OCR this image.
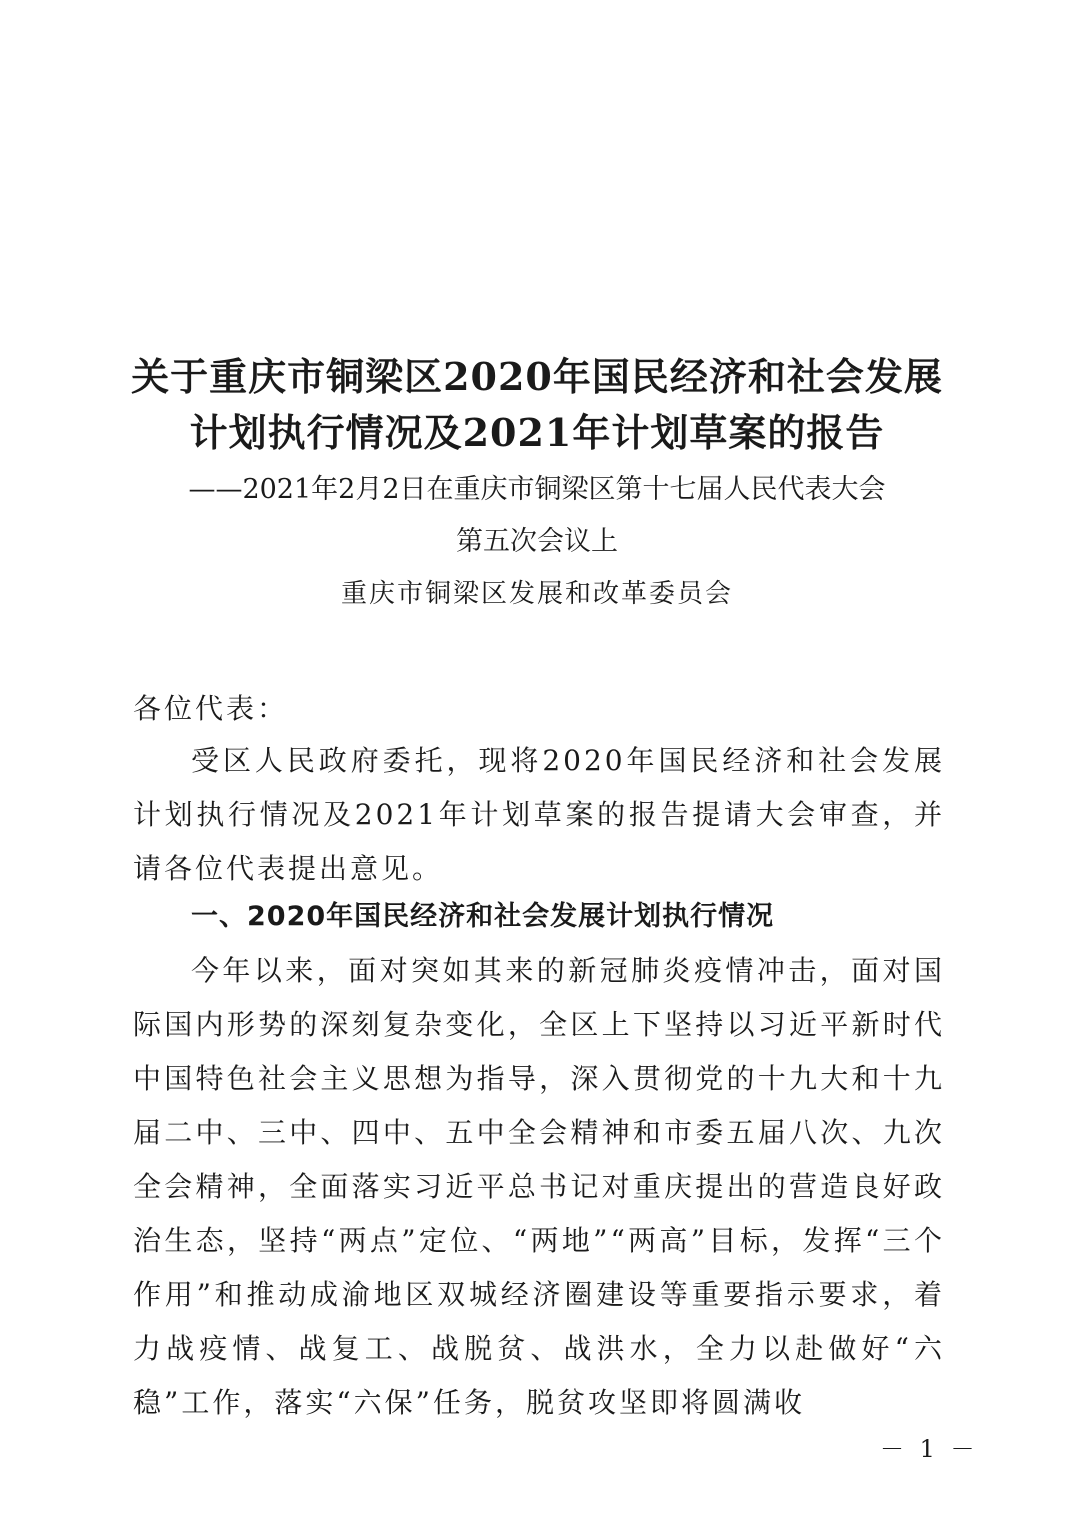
关于重庆市铜梁区2020年国民经济和社会发展
计划执行情况及2021年计划草案的报告
——2021年2月2日在重庆市铜梁区第十七届人民代表大会
第五次会议上
重庆市铜梁区发展和改革委员会
各位代表：
受区人民政府委托，现将2020年国民经济和社会发展计划执行情况及2021年计划草案的报告提请大会审查，并请各位代表提出意见。
一、2020年国民经济和社会发展计划执行情况
今年以来，面对突如其来的新冠肺炎疫情冲击，面对国际国内形势的深刻复杂变化，全区上下坚持以习近平新时代中国特色社会主义思想为指导，深入贯彻党的十九大和十九届二中、三中、四中、五中全会精神和市委五届八次、九次全会精神，全面落实习近平总书记对重庆提出的营造良好政治生态，坚持“两点”定位、“两地”“两高”目标，发挥“三个作用”和推动成渝地区双城经济圈建设等重要指示要求，着力战疫情、战复工、战脱贫、战洪水，全力以赴做好“六稳”工作，落实“六保”任务，脱贫攻坚即将圆满收
－ 1 －
